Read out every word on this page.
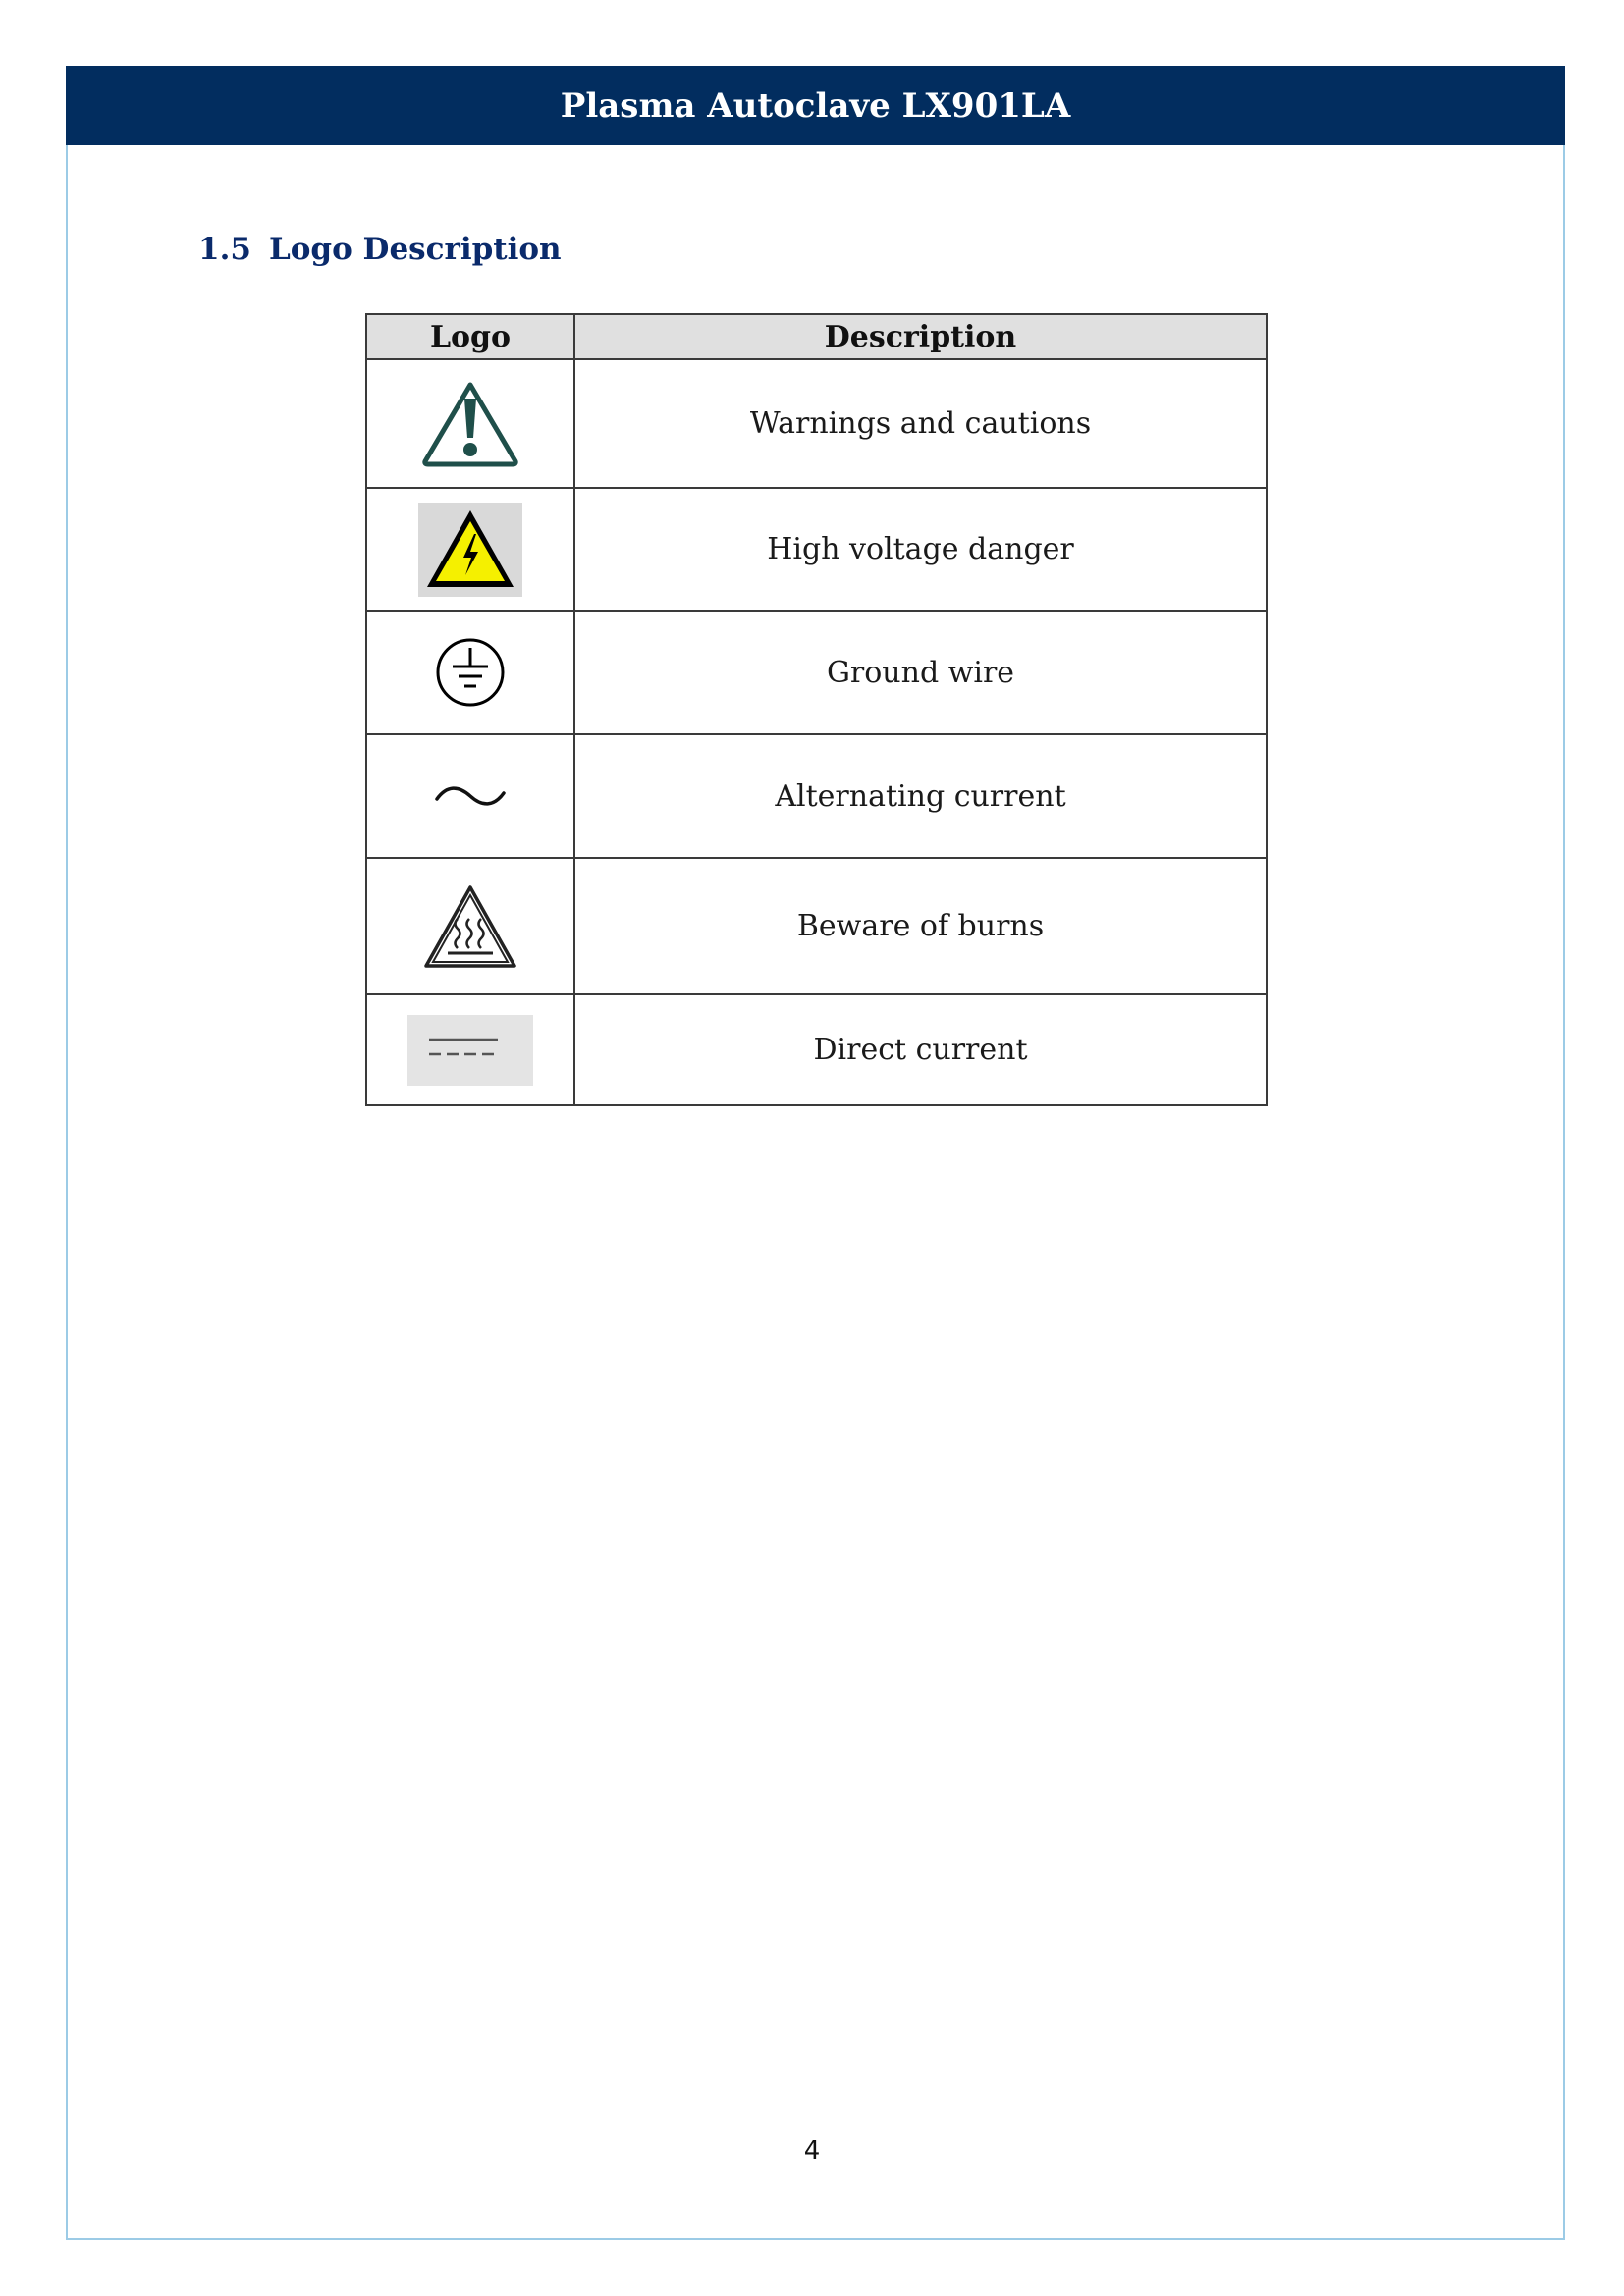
Plasma Autoclave LX901LA
1.5 Logo Description
Logo	Description

	Warnings and cautions

	High voltage danger

	Ground wire

	Alternating current

	Beware of burns

	Direct current
4
